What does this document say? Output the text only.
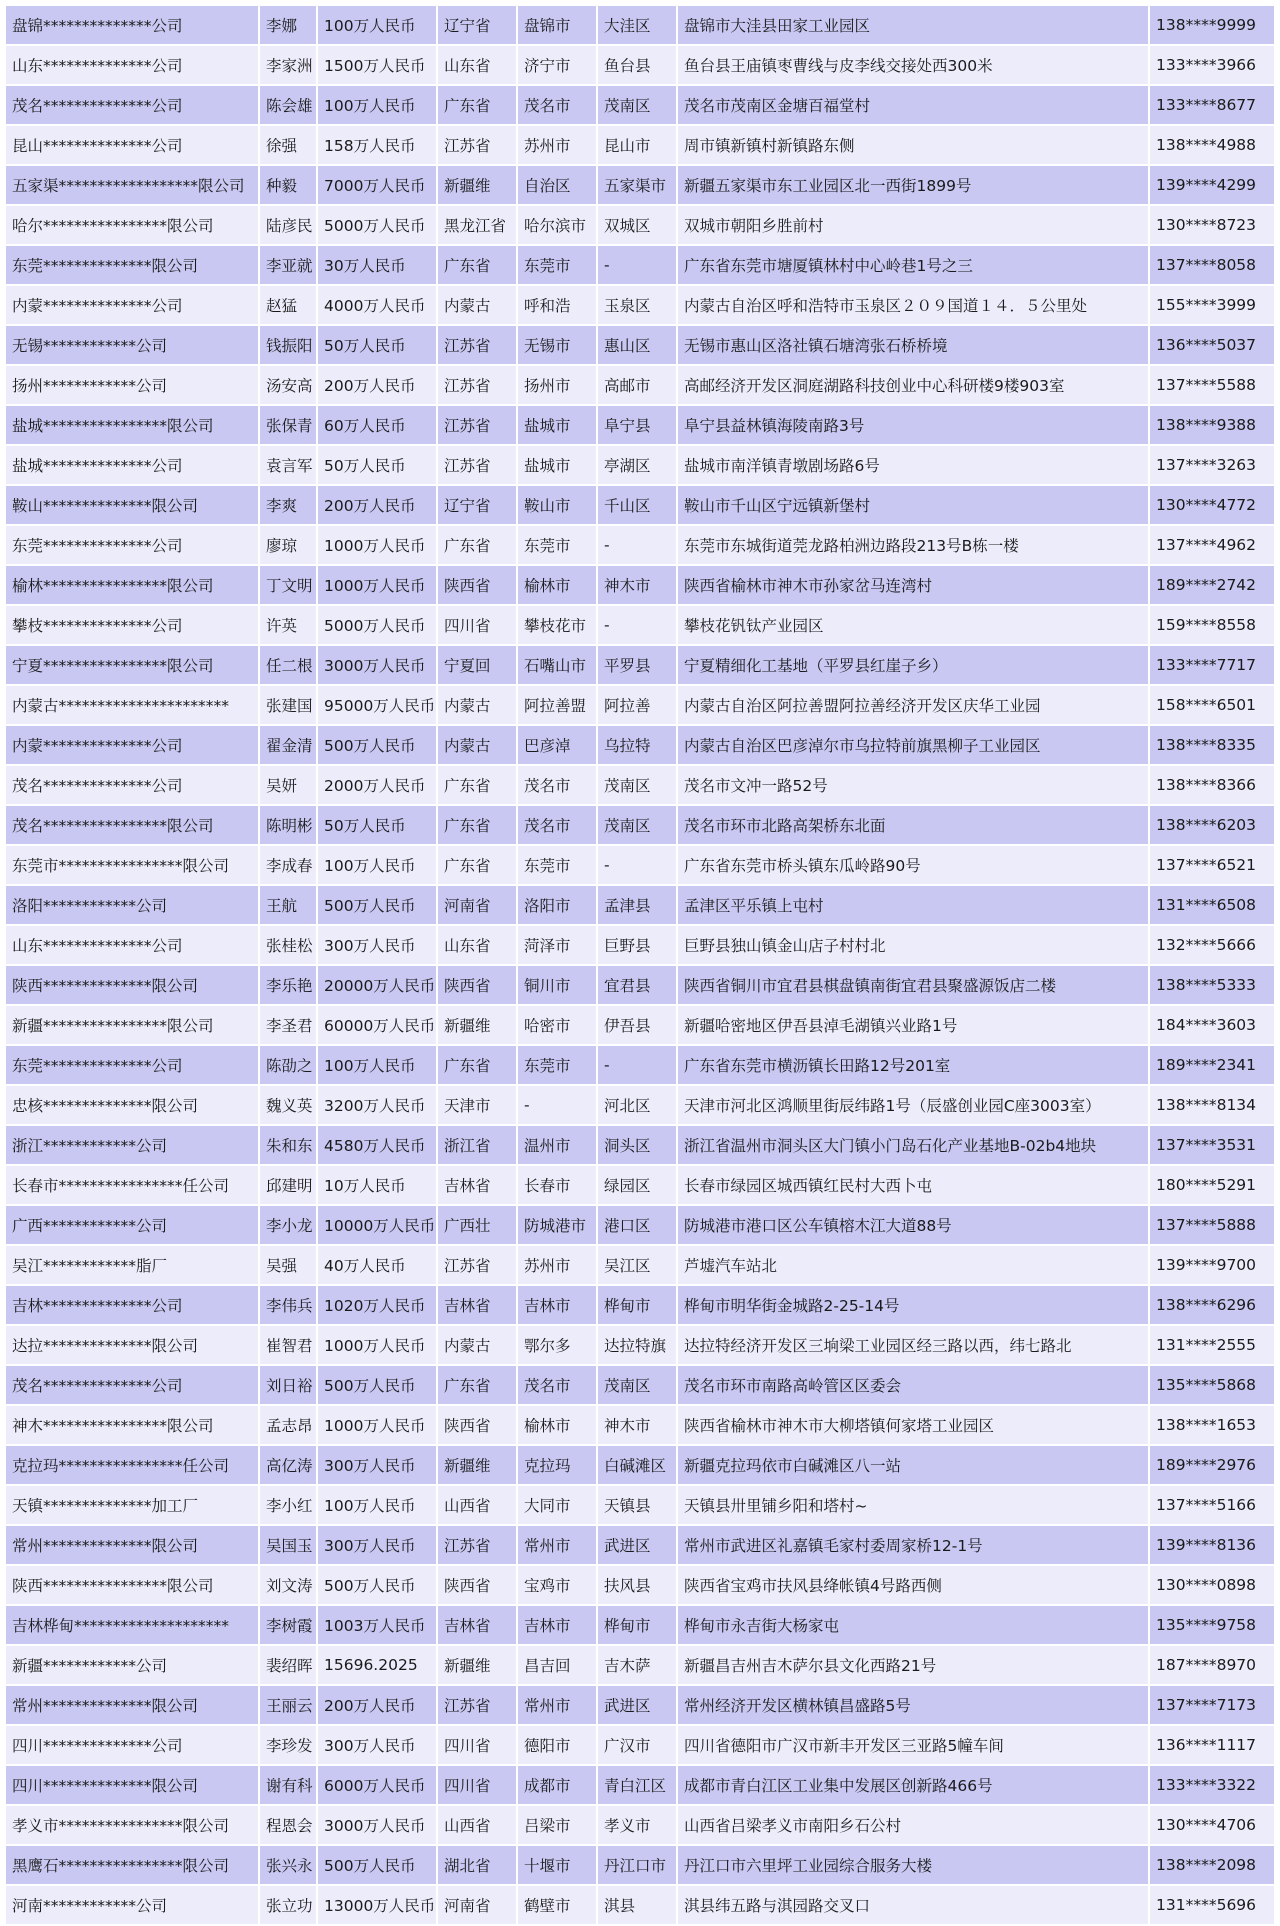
盘锦**************公司	李娜	100万人民币	辽宁省	盘锦市	大洼区	盘锦市大洼县田家工业园区	138****9999
山东**************公司	李家洲	1500万人民币	山东省	济宁市	鱼台县	鱼台县王庙镇枣曹线与皮李线交接处西300米	133****3966
茂名**************公司	陈会雄	100万人民币	广东省	茂名市	茂南区	茂名市茂南区金塘百福堂村	133****8677
昆山**************公司	徐强	158万人民币	江苏省	苏州市	昆山市	周市镇新镇村新镇路东侧	138****4988
五家渠******************限公司	种毅	7000万人民币	新疆维	自治区	五家渠市	新疆五家渠市东工业园区北一西街1899号	139****4299
哈尔****************限公司	陆彦民	5000万人民币	黑龙江省	哈尔滨市	双城区	双城市朝阳乡胜前村	130****8723
东莞**************限公司	李亚就	30万人民币	广东省	东莞市	-	广东省东莞市塘厦镇林村中心岭巷1号之三	137****8058
内蒙**************公司	赵猛	4000万人民币	内蒙古	呼和浩	玉泉区	内蒙古自治区呼和浩特市玉泉区２０９国道１４．５公里处	155****3999
无锡************公司	钱振阳	50万人民币	江苏省	无锡市	惠山区	无锡市惠山区洛社镇石塘湾张石桥桥境	136****5037
扬州************公司	汤安高	200万人民币	江苏省	扬州市	高邮市	高邮经济开发区洞庭湖路科技创业中心科研楼9楼903室	137****5588
盐城****************限公司	张保青	60万人民币	江苏省	盐城市	阜宁县	阜宁县益林镇海陵南路3号	138****9388
盐城**************公司	袁言军	50万人民币	江苏省	盐城市	亭湖区	盐城市南洋镇青墩剧场路6号	137****3263
鞍山**************限公司	李爽	200万人民币	辽宁省	鞍山市	千山区	鞍山市千山区宁远镇新堡村	130****4772
东莞**************公司	廖琼	1000万人民币	广东省	东莞市	-	东莞市东城街道莞龙路柏洲边路段213号B栋一楼	137****4962
榆林****************限公司	丁文明	1000万人民币	陕西省	榆林市	神木市	陕西省榆林市神木市孙家岔马连湾村	189****2742
攀枝**************公司	许英	5000万人民币	四川省	攀枝花市	-	攀枝花钒钛产业园区	159****8558
宁夏****************限公司	任二根	3000万人民币	宁夏回	石嘴山市	平罗县	宁夏精细化工基地（平罗县红崖子乡）	133****7717
内蒙古**********************	张建国	95000万人民币	内蒙古	阿拉善盟	阿拉善	内蒙古自治区阿拉善盟阿拉善经济开发区庆华工业园	158****6501
内蒙**************公司	翟金清	500万人民币	内蒙古	巴彦淖	乌拉特	内蒙古自治区巴彦淖尔市乌拉特前旗黑柳子工业园区	138****8335
茂名**************公司	吴妍	2000万人民币	广东省	茂名市	茂南区	茂名市文冲一路52号	138****8366
茂名****************限公司	陈明彬	50万人民币	广东省	茂名市	茂南区	茂名市环市北路高架桥东北面	138****6203
东莞市****************限公司	李成春	100万人民币	广东省	东莞市	-	广东省东莞市桥头镇东瓜岭路90号	137****6521
洛阳************公司	王航	500万人民币	河南省	洛阳市	孟津县	孟津区平乐镇上屯村	131****6508
山东**************公司	张桂松	300万人民币	山东省	菏泽市	巨野县	巨野县独山镇金山店子村村北	132****5666
陕西**************限公司	李乐艳	20000万人民币	陕西省	铜川市	宜君县	陕西省铜川市宜君县棋盘镇南街宜君县聚盛源饭店二楼	138****5333
新疆****************限公司	李圣君	60000万人民币	新疆维	哈密市	伊吾县	新疆哈密地区伊吾县淖毛湖镇兴业路1号	184****3603
东莞**************公司	陈劭之	100万人民币	广东省	东莞市	-	广东省东莞市横沥镇长田路12号201室	189****2341
忠核**************限公司	魏义英	3200万人民币	天津市	-	河北区	天津市河北区鸿顺里街辰纬路1号（辰盛创业园C座3003室）	138****8134
浙江************公司	朱和东	4580万人民币	浙江省	温州市	洞头区	浙江省温州市洞头区大门镇小门岛石化产业基地B-02b4地块	137****3531
长春市****************任公司	邱建明	10万人民币	吉林省	长春市	绿园区	长春市绿园区城西镇红民村大西卜屯	180****5291
广西************公司	李小龙	10000万人民币	广西壮	防城港市	港口区	防城港市港口区公车镇榕木江大道88号	137****5888
吴江************脂厂	吴强	40万人民币	江苏省	苏州市	吴江区	芦墟汽车站北	139****9700
吉林**************公司	李伟兵	1020万人民币	吉林省	吉林市	桦甸市	桦甸市明华街金城路2-25-14号	138****6296
达拉**************限公司	崔智君	1000万人民币	内蒙古	鄂尔多	达拉特旗	达拉特经济开发区三垧梁工业园区经三路以西，纬七路北	131****2555
茂名**************公司	刘日裕	500万人民币	广东省	茂名市	茂南区	茂名市环市南路高岭管区区委会	135****5868
神木****************限公司	孟志昂	1000万人民币	陕西省	榆林市	神木市	陕西省榆林市神木市大柳塔镇何家塔工业园区	138****1653
克拉玛****************任公司	高亿涛	300万人民币	新疆维	克拉玛	白碱滩区	新疆克拉玛依市白碱滩区八一站	189****2976
天镇**************加工厂	李小红	100万人民币	山西省	大同市	天镇县	天镇县卅里铺乡阳和塔村~	137****5166
常州**************限公司	吴国玉	300万人民币	江苏省	常州市	武进区	常州市武进区礼嘉镇毛家村委周家桥12-1号	139****8136
陕西****************限公司	刘文涛	500万人民币	陕西省	宝鸡市	扶风县	陕西省宝鸡市扶风县绛帐镇4号路西侧	130****0898
吉林桦甸********************	李树霞	1003万人民币	吉林省	吉林市	桦甸市	桦甸市永吉街大杨家屯	135****9758
新疆************公司	裴绍晖	15696.2025	新疆维	昌吉回	吉木萨	新疆昌吉州吉木萨尔县文化西路21号	187****8970
常州**************限公司	王丽云	200万人民币	江苏省	常州市	武进区	常州经济开发区横林镇昌盛路5号	137****7173
四川**************公司	李珍发	300万人民币	四川省	德阳市	广汉市	四川省德阳市广汉市新丰开发区三亚路5幢车间	136****1117
四川**************限公司	谢有科	6000万人民币	四川省	成都市	青白江区	成都市青白江区工业集中发展区创新路466号	133****3322
孝义市****************限公司	程恩会	3000万人民币	山西省	吕梁市	孝义市	山西省吕梁孝义市南阳乡石公村	130****4706
黑鹰石****************限公司	张兴永	500万人民币	湖北省	十堰市	丹江口市	丹江口市六里坪工业园综合服务大楼	138****2098
河南************公司	张立功	13000万人民币	河南省	鹤壁市	淇县	淇县纬五路与淇园路交叉口	131****5696
